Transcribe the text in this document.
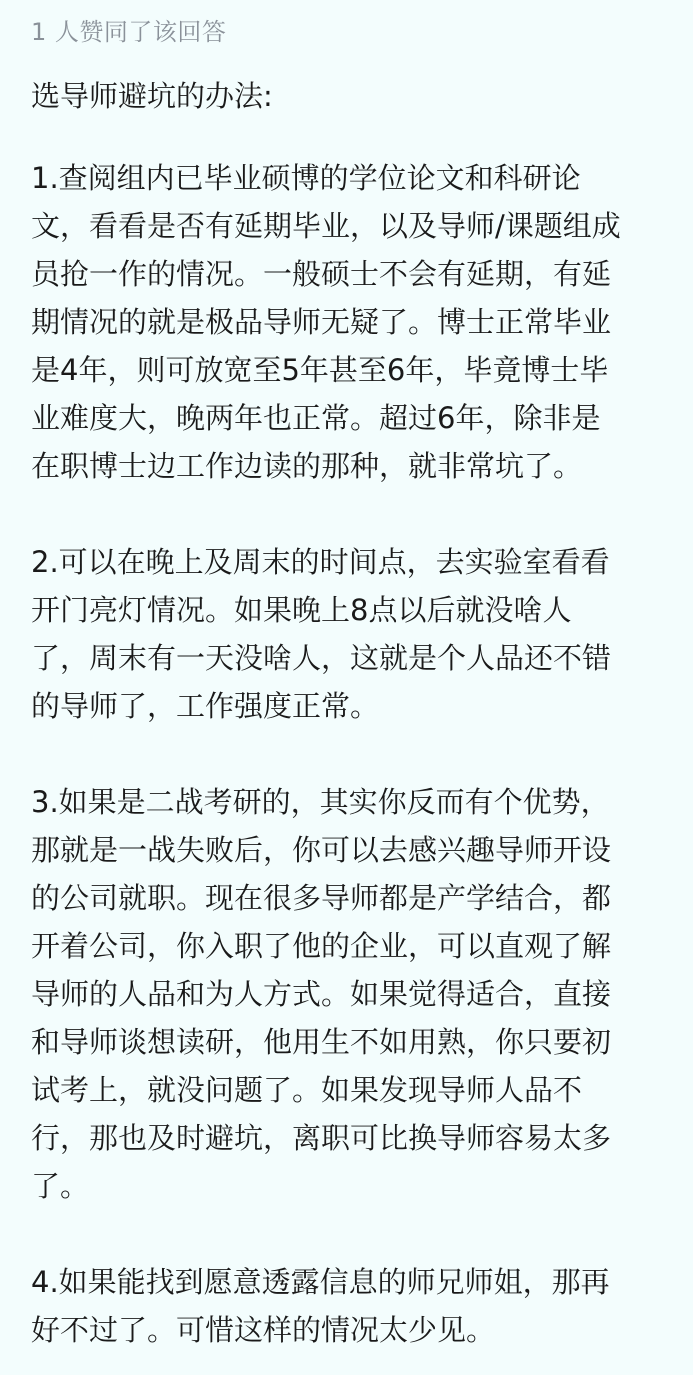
1 人赞同了该回答
选导师避坑的办法:

1.查阅组内已毕业硕博的学位论文和科研论
文，看看是否有延期毕业，以及导师/课题组成
员抢一作的情况。一般硕士不会有延期，有延
期情况的就是极品导师无疑了。博士正常毕业
是4年，则可放宽至5年甚至6年，毕竟博士毕
业难度大，晚两年也正常。超过6年，除非是
在职博士边工作边读的那种，就非常坑了。

2.可以在晚上及周末的时间点，去实验室看看
开门亮灯情况。如果晚上8点以后就没啥人
了，周末有一天没啥人，这就是个人品还不错
的导师了，工作强度正常。

3.如果是二战考研的，其实你反而有个优势，
那就是一战失败后，你可以去感兴趣导师开设
的公司就职。现在很多导师都是产学结合，都
开着公司，你入职了他的企业，可以直观了解
导师的人品和为人方式。如果觉得适合，直接
和导师谈想读研，他用生不如用熟，你只要初
试考上，就没问题了。如果发现导师人品不
行，那也及时避坑，离职可比换导师容易太多
了。

4.如果能找到愿意透露信息的师兄师姐，那再
好不过了。可惜这样的情况太少见。
